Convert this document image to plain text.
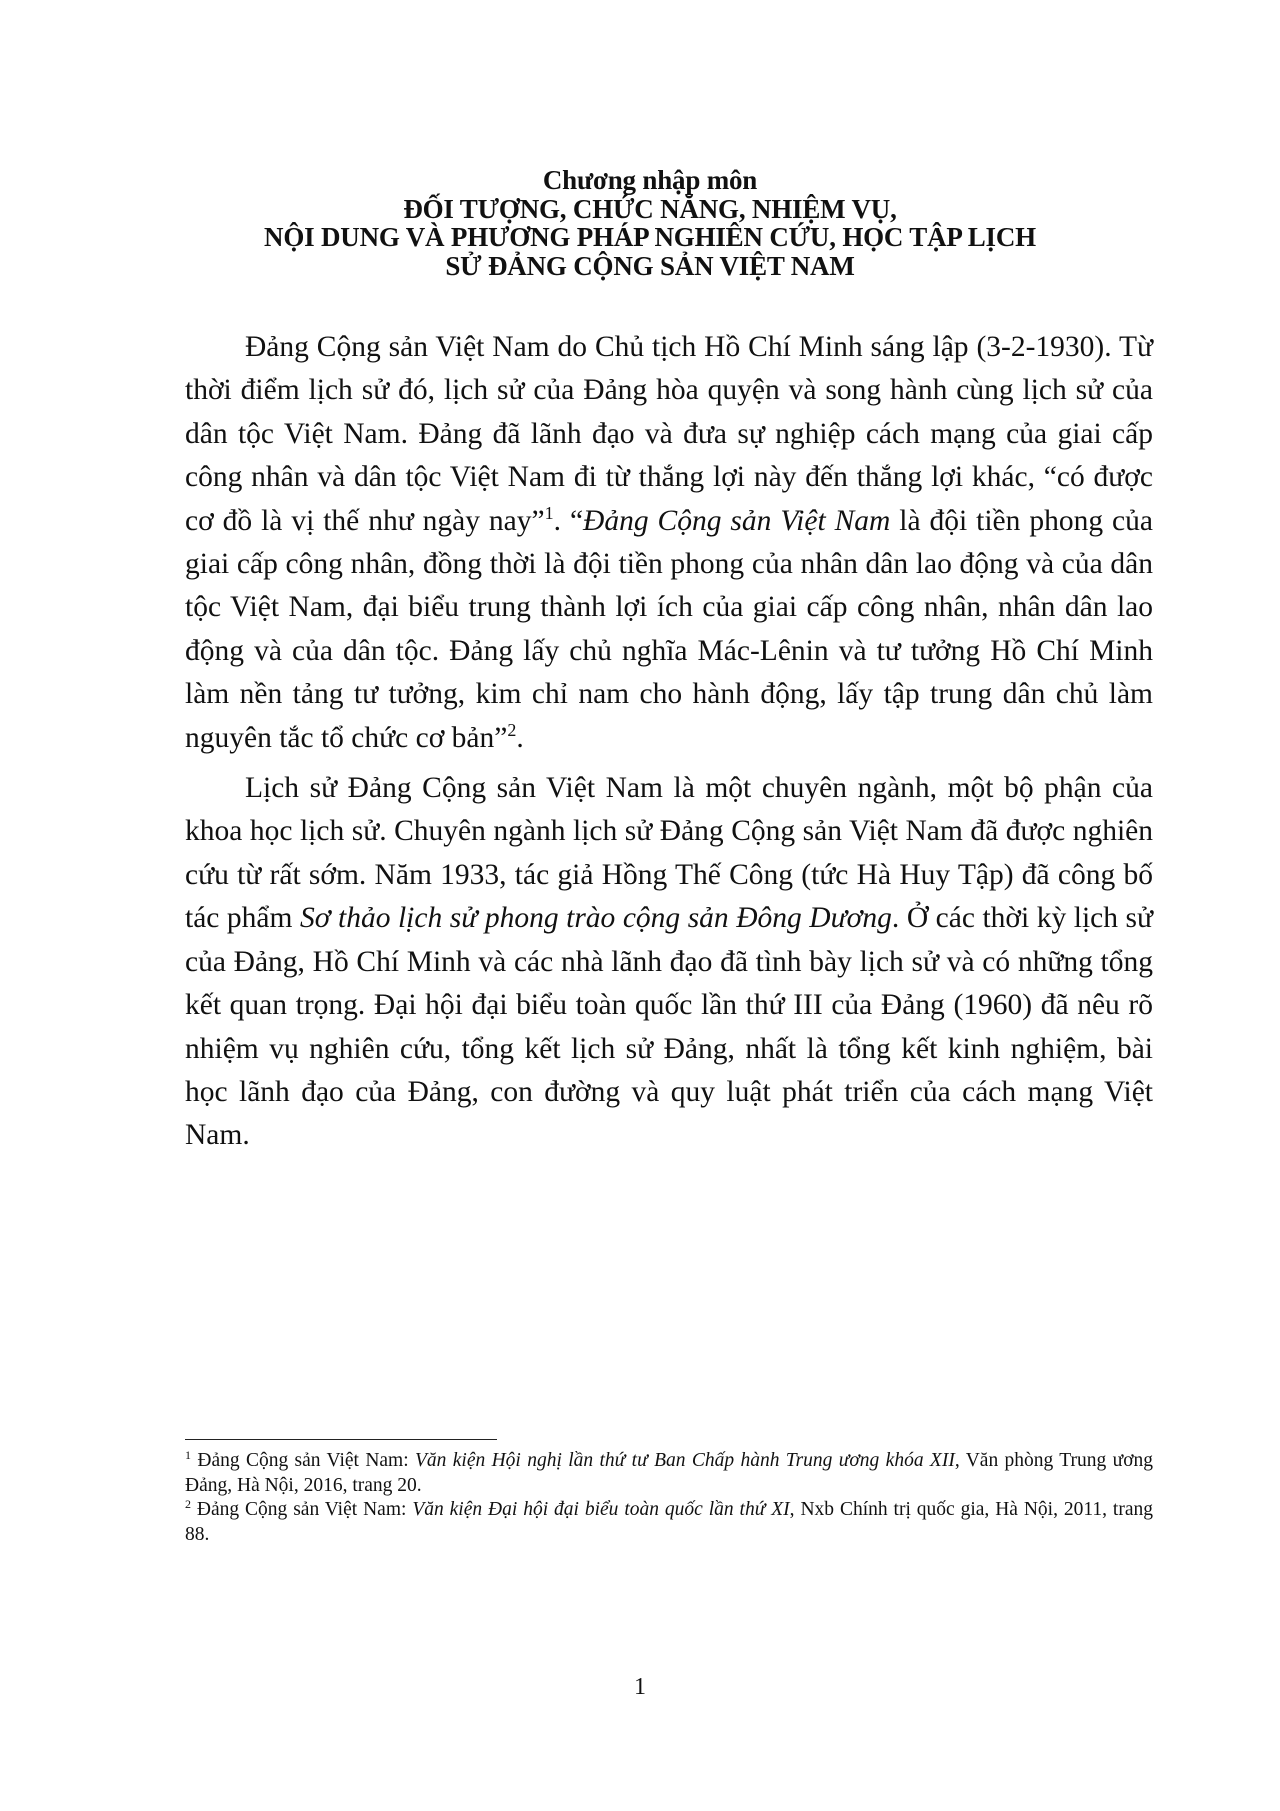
Chương nhập môn
ĐỐI TƯỢNG, CHỨC NĂNG, NHIỆM VỤ,
NỘI DUNG VÀ PHƯƠNG PHÁP NGHIÊN CỨU, HỌC TẬP LỊCH
SỬ ĐẢNG CỘNG SẢN VIỆT NAM

Đảng Cộng sản Việt Nam do Chủ tịch Hồ Chí Minh sáng lập (3-2-1930). Từ thời điểm lịch sử đó, lịch sử của Đảng hòa quyện và song hành cùng lịch sử của dân tộc Việt Nam. Đảng đã lãnh đạo và đưa sự nghiệp cách mạng của giai cấp công nhân và dân tộc Việt Nam đi từ thắng lợi này đến thắng lợi khác, “có được cơ đồ là vị thế như ngày nay”$^1$. “Đảng Cộng sản Việt Nam là đội tiền phong của giai cấp công nhân, đồng thời là đội tiền phong của nhân dân lao động và của dân tộc Việt Nam, đại biểu trung thành lợi ích của giai cấp công nhân, nhân dân lao động và của dân tộc. Đảng lấy chủ nghĩa Mác-Lênin và tư tưởng Hồ Chí Minh làm nền tảng tư tưởng, kim chỉ nam cho hành động, lấy tập trung dân chủ làm nguyên tắc tổ chức cơ bản”$^2$.

Lịch sử Đảng Cộng sản Việt Nam là một chuyên ngành, một bộ phận của khoa học lịch sử. Chuyên ngành lịch sử Đảng Cộng sản Việt Nam đã được nghiên cứu từ rất sớm. Năm 1933, tác giả Hồng Thế Công (tức Hà Huy Tập) đã công bố tác phẩm Sơ thảo lịch sử phong trào cộng sản Đông Dương. Ở các thời kỳ lịch sử của Đảng, Hồ Chí Minh và các nhà lãnh đạo đã tình bày lịch sử và có những tổng kết quan trọng. Đại hội đại biểu toàn quốc lần thứ III của Đảng (1960) đã nêu rõ nhiệm vụ nghiên cứu, tổng kết lịch sử Đảng, nhất là tổng kết kinh nghiệm, bài học lãnh đạo của Đảng, con đường và quy luật phát triển của cách mạng Việt Nam.

$^1$ Đảng Cộng sản Việt Nam: Văn kiện Hội nghị lần thứ tư Ban Chấp hành Trung ương khóa XII, Văn phòng Trung ương Đảng, Hà Nội, 2016, trang 20.

$^2$ Đảng Cộng sản Việt Nam: Văn kiện Đại hội đại biểu toàn quốc lần thứ XI, Nxb Chính trị quốc gia, Hà Nội, 2011, trang 88.

1
